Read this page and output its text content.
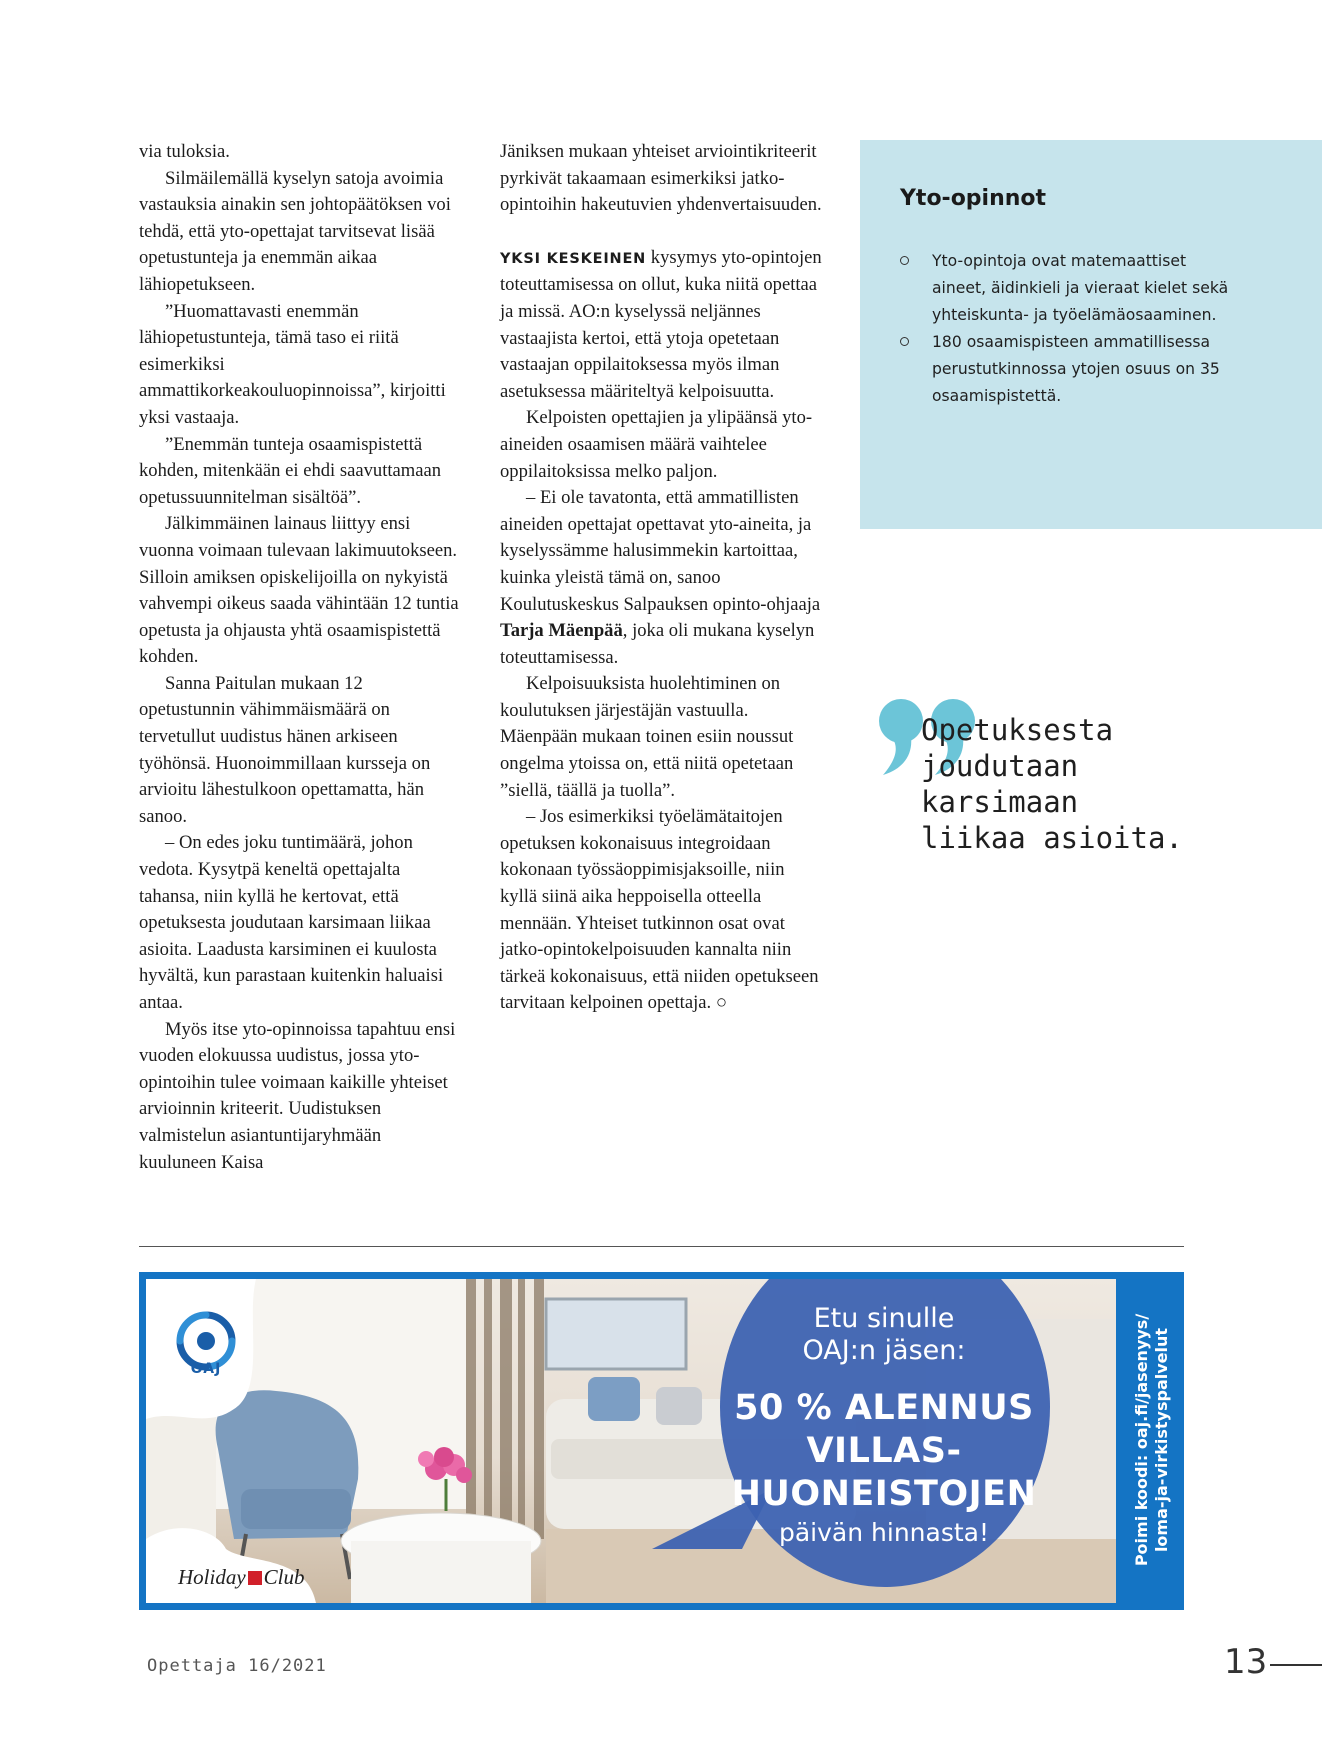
via tuloksia.

Silmäilemällä kyselyn satoja avoimia vastauksia ainakin sen johtopäätöksen voi tehdä, että yto-opettajat tarvitsevat lisää opetustunteja ja enemmän aikaa lähiopetukseen.

”Huomattavasti enemmän lähiopetustunteja, tämä taso ei riitä esimerkiksi ammattikorkeakouluopinnoissa”, kirjoitti yksi vastaaja.

”Enemmän tunteja osaamispistettä kohden, mitenkään ei ehdi saavuttamaan opetussuunnitelman sisältöä”.

Jälkimmäinen lainaus liittyy ensi vuonna voimaan tulevaan lakimuutokseen. Silloin amiksen opiskelijoilla on nykyistä vahvempi oikeus saada vähintään 12 tuntia opetusta ja ohjausta yhtä osaamispistettä kohden.

Sanna Paitulan mukaan 12 opetustunnin vähimmäismäärä on tervetullut uudistus hänen arkiseen työhönsä. Huonoimmillaan kursseja on arvioitu lähestulkoon opettamatta, hän sanoo.

– On edes joku tuntimäärä, johon vedota. Kysytpä keneltä opettajalta tahansa, niin kyllä he kertovat, että opetuksesta joudutaan karsimaan liikaa asioita. Laadusta karsiminen ei kuulosta hyvältä, kun parastaan kuitenkin haluaisi antaa.

Myös itse yto-opinnoissa tapahtuu ensi vuoden elokuussa uudistus, jossa yto-opintoihin tulee voimaan kaikille yhteiset arvioinnin kriteerit. Uudistuksen valmistelun asiantuntijaryhmään kuuluneen Kaisa

Jäniksen mukaan yhteiset arviointikriteerit pyrkivät takaamaan esimerkiksi jatko-opintoihin hakeutuvien yhdenvertaisuuden.

YKSI KESKEINEN kysymys yto-opintojen toteuttamisessa on ollut, kuka niitä opettaa ja missä. AO:n kyselyssä neljännes vastaajista kertoi, että ytoja opetetaan vastaajan oppilaitoksessa myös ilman asetuksessa määriteltyä kelpoisuutta.

Kelpoisten opettajien ja ylipäänsä yto-aineiden osaamisen määrä vaihtelee oppilaitoksissa melko paljon.

– Ei ole tavatonta, että ammatillisten aineiden opettajat opettavat yto-aineita, ja kyselyssämme halusimmekin kartoittaa, kuinka yleistä tämä on, sanoo Koulutuskeskus Salpauksen opinto-ohjaaja Tarja Mäenpää, joka oli mukana kyselyn toteuttamisessa.

Kelpoisuuksista huolehtiminen on koulutuksen järjestäjän vastuulla. Mäenpään mukaan toinen esiin noussut ongelma ytoissa on, että niitä opetetaan ”siellä, täällä ja tuolla”.

– Jos esimerkiksi työelämätaitojen opetuksen kokonaisuus integroidaan kokonaan työssäoppimisjaksoille, niin kyllä siinä aika heppoisella otteella mennään. Yhteiset tutkinnon osat ovat jatko-opintokelpoisuuden kannalta niin tärkeä kokonaisuus, että niiden opetukseen tarvitaan kelpoinen opettaja. ○

Yto-opinnot
Yto-opintoja ovat matemaattiset aineet, äidinkieli ja vieraat kielet sekä yhteiskunta- ja työelämäosaaminen.
180 osaamispisteen ammatillisessa perustutkinnossa ytojen osuus on 35 osaamispistettä.
Opetuksesta
joudutaan
karsimaan
liikaa asioita.
Etu sinulle
OAJ:n jäsen:
50 % ALENNUS
VILLAS-
HUONEISTOJEN
päivän hinnasta!
OAJ
Holiday Club
Poimi koodi: oaj.fi/jasenyys/ loma-ja-virkistyspalvelut
Opettaja 16/2021	13
